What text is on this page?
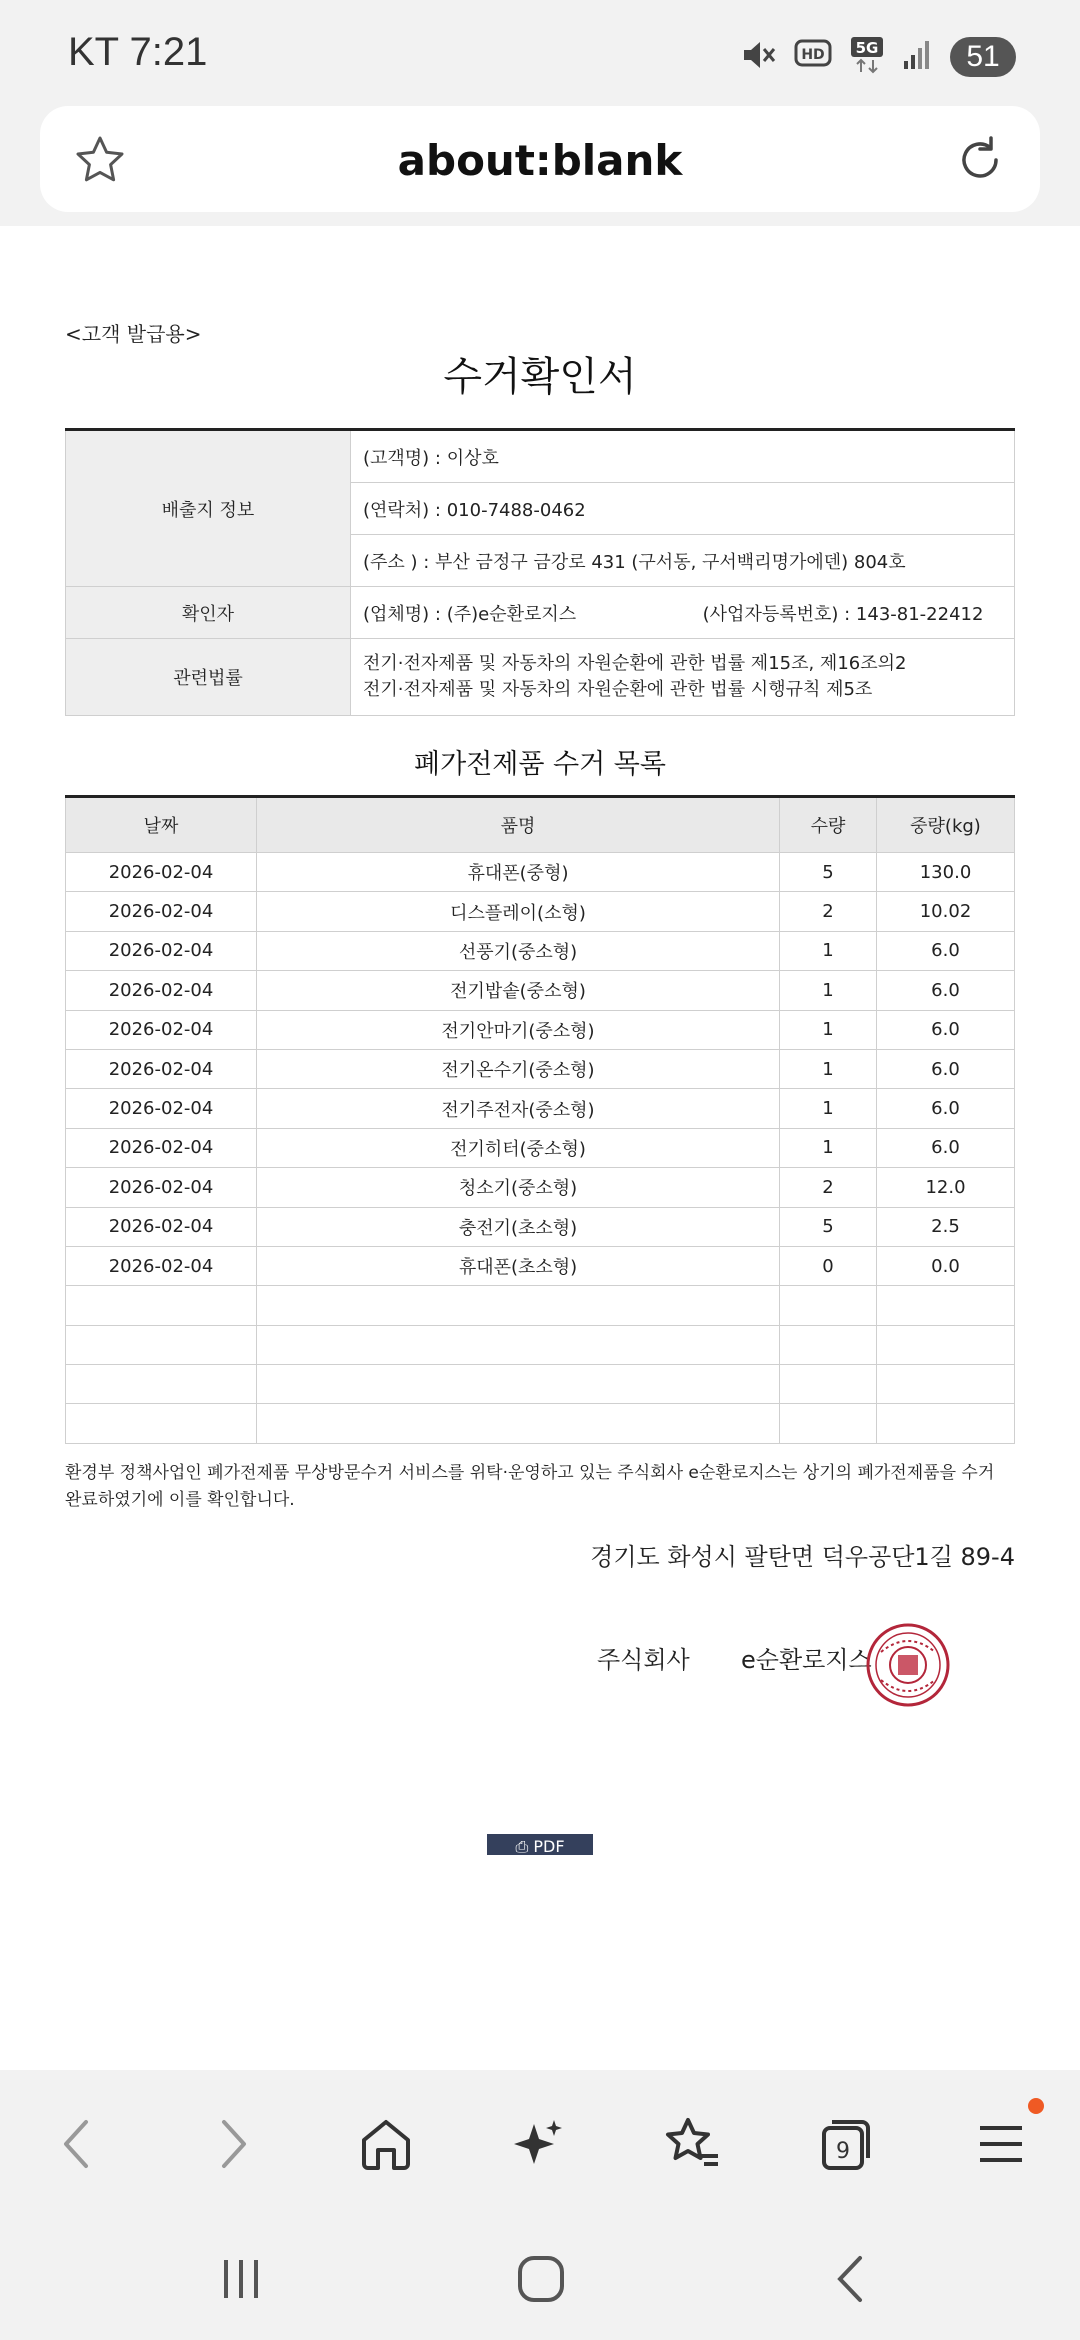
KT 7:21	HD 5G	51
about:blank
<고객 발급용>
수거확인서
배출지 정보	(고객명) : 이상호
	(연락처) : 010-7488-0462
	(주소 ) : 부산 금정구 금강로 431 (구서동, 구서백리명가에덴) 804호
확인자	(업체명) : (주)e순환로지스 (사업자등록번호) : 143-81-22412
관련법률	전기·전자제품 및 자동차의 자원순환에 관한 법률 제15조, 제16조의2
전기·전자제품 및 자동차의 자원순환에 관한 법률 시행규칙 제5조
폐가전제품 수거 목록
날짜	품명	수량	중량(kg)
2026-02-04	휴대폰(중형)	5	130.0
2026-02-04	디스플레이(소형)	2	10.02
2026-02-04	선풍기(중소형)	1	6.0
2026-02-04	전기밥솥(중소형)	1	6.0
2026-02-04	전기안마기(중소형)	1	6.0
2026-02-04	전기온수기(중소형)	1	6.0
2026-02-04	전기주전자(중소형)	1	6.0
2026-02-04	전기히터(중소형)	1	6.0
2026-02-04	청소기(중소형)	2	12.0
2026-02-04	충전기(초소형)	5	2.5
2026-02-04	휴대폰(초소형)	0	0.0

환경부 정책사업인 폐가전제품 무상방문수거 서비스를 위탁·운영하고 있는 주식회사 e순환로지스는 상기의 폐가전제품을 수거 완료하였기에 이를 확인합니다.
경기도 화성시 팔탄면 덕우공단1길 89-4
주식회사 e순환로지스
⎙ PDF
9
